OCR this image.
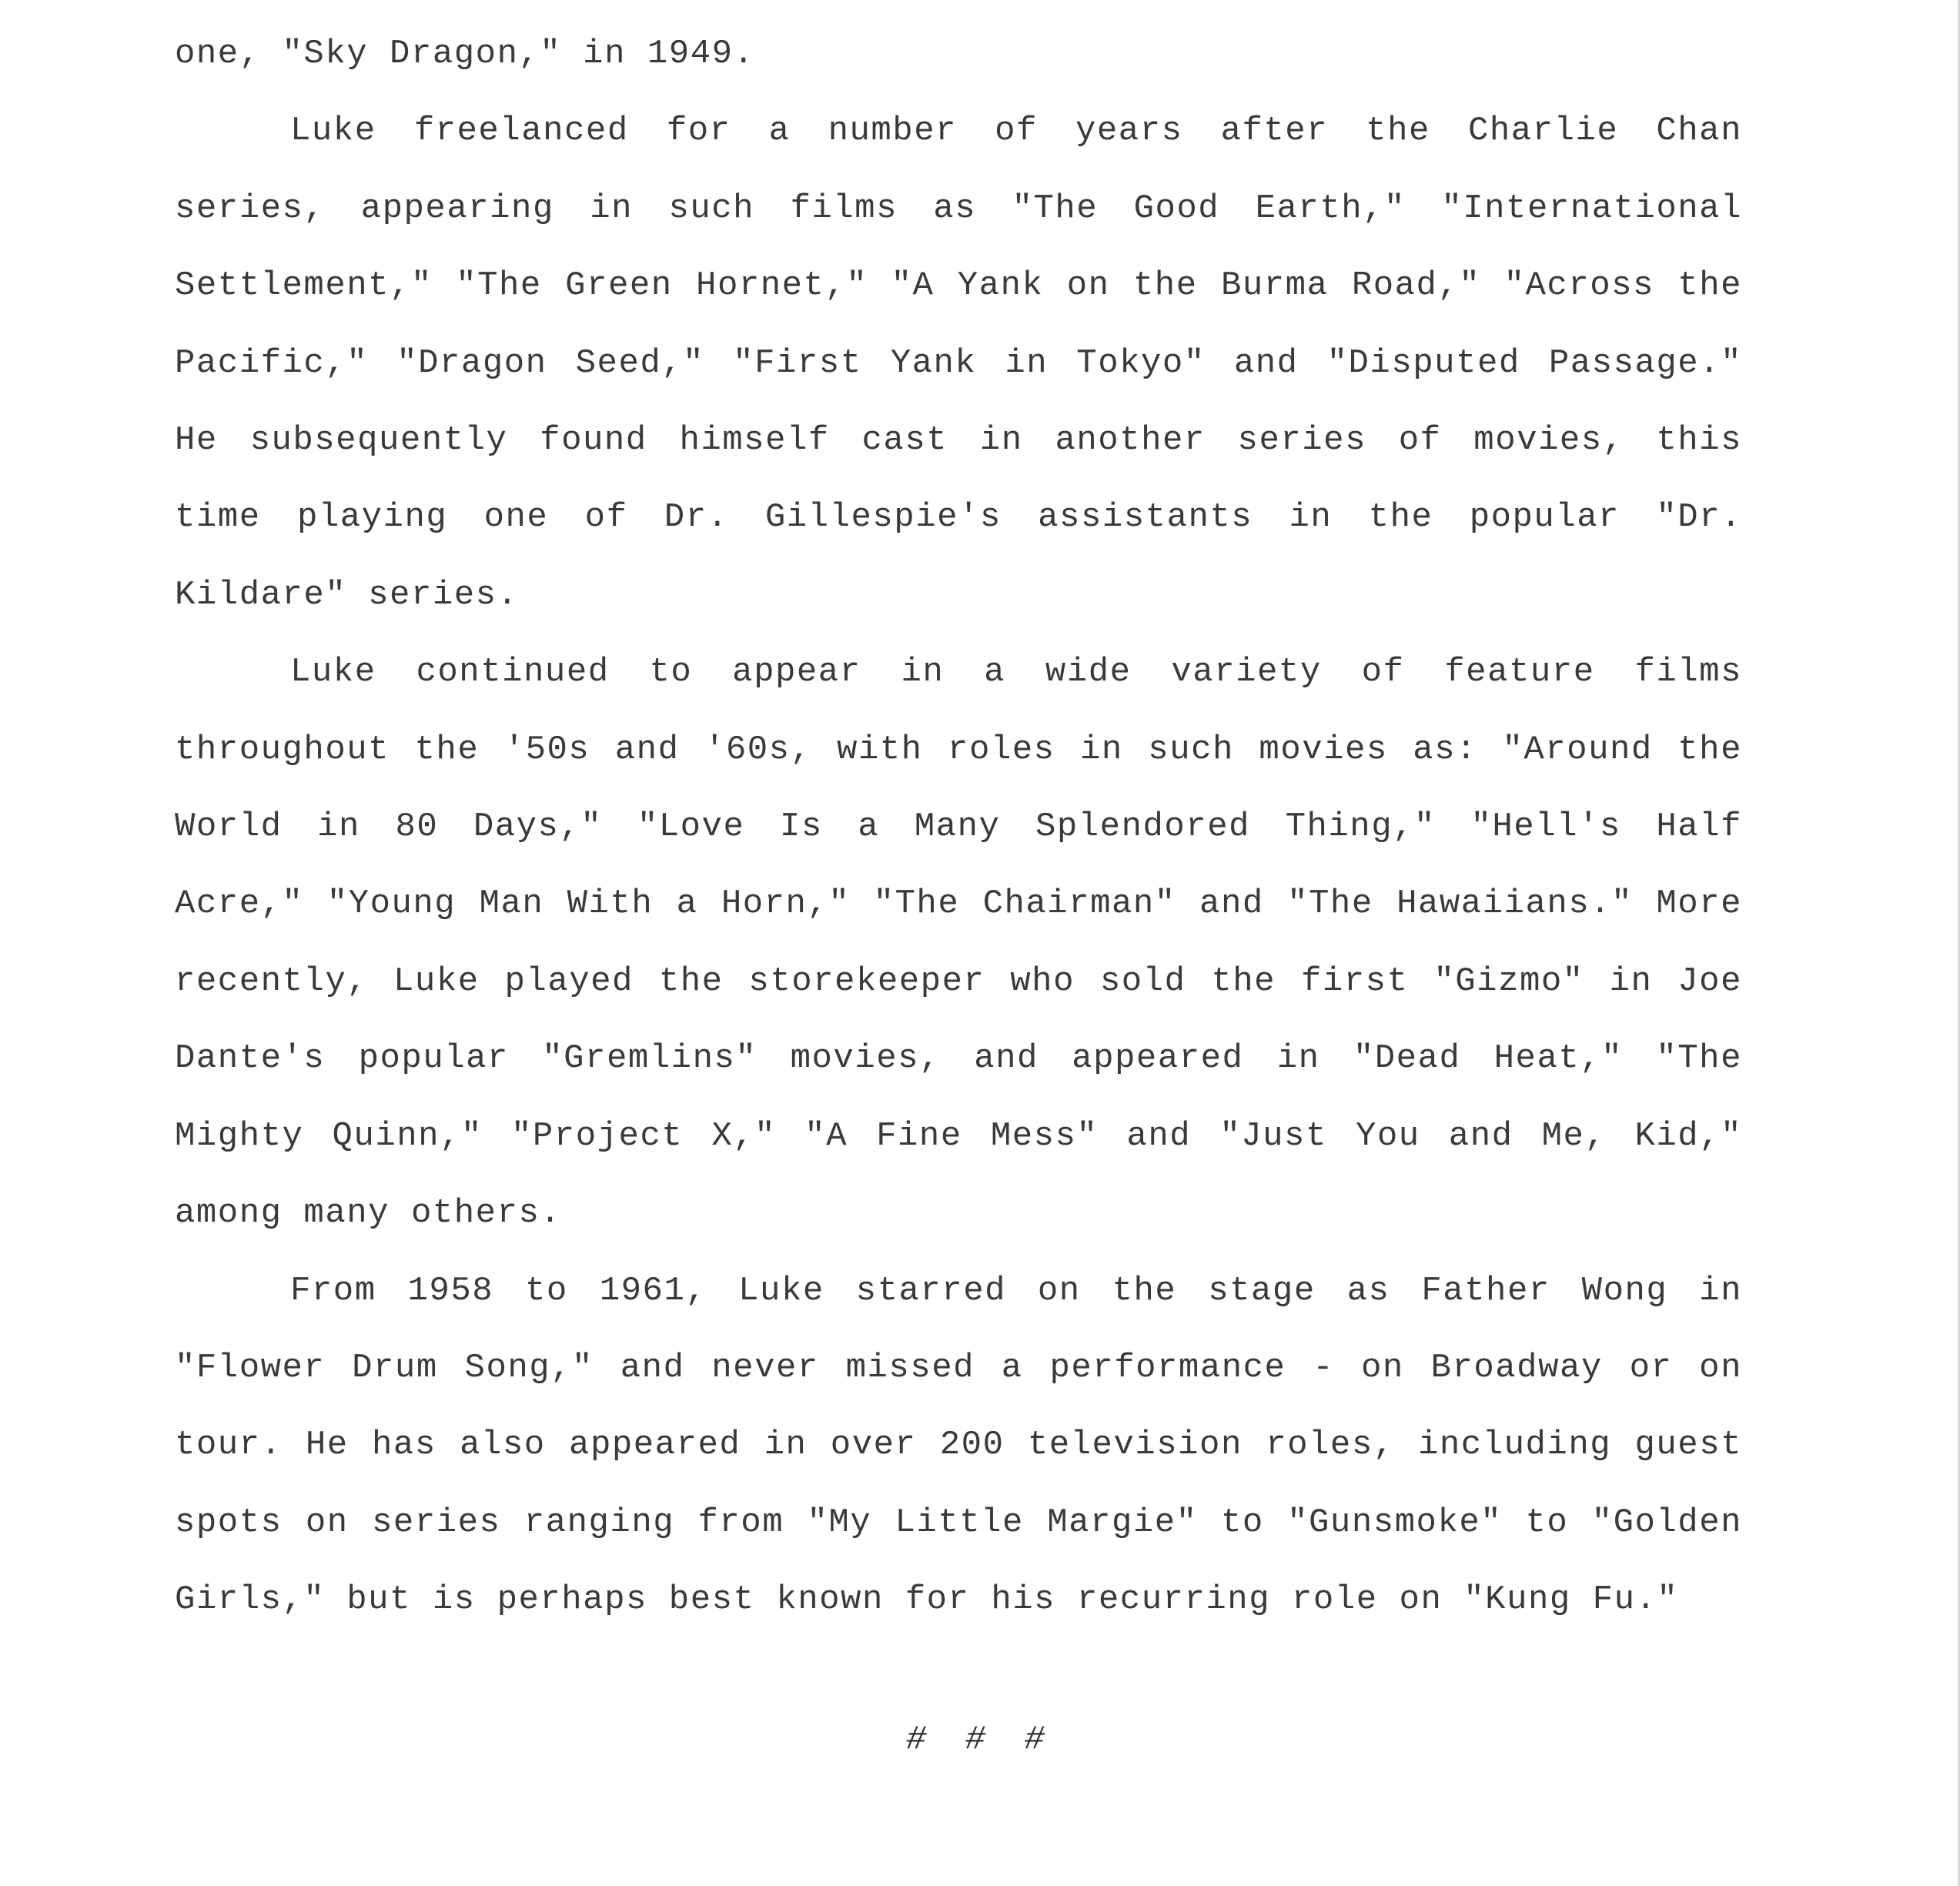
one, "Sky Dragon," in 1949.

Luke freelanced for a number of years after the Charlie Chan series, appearing in such films as "The Good Earth," "International Settlement," "The Green Hornet," "A Yank on the Burma Road," "Across the Pacific," "Dragon Seed," "First Yank in Tokyo" and "Disputed Passage." He subsequently found himself cast in another series of movies, this time playing one of Dr. Gillespie's assistants in the popular "Dr. Kildare" series.

Luke continued to appear in a wide variety of feature films throughout the '50s and '60s, with roles in such movies as: "Around the World in 80 Days," "Love Is a Many Splendored Thing," "Hell's Half Acre," "Young Man With a Horn," "The Chairman" and "The Hawaiians." More recently, Luke played the storekeeper who sold the first "Gizmo" in Joe Dante's popular "Gremlins" movies, and appeared in "Dead Heat," "The Mighty Quinn," "Project X," "A Fine Mess" and "Just You and Me, Kid," among many others.

From 1958 to 1961, Luke starred on the stage as Father Wong in "Flower Drum Song," and never missed a performance - on Broadway or on tour. He has also appeared in over 200 television roles, including guest spots on series ranging from "My Little Margie" to "Gunsmoke" to "Golden Girls," but is perhaps best known for his recurring role on "Kung Fu."

# # #
